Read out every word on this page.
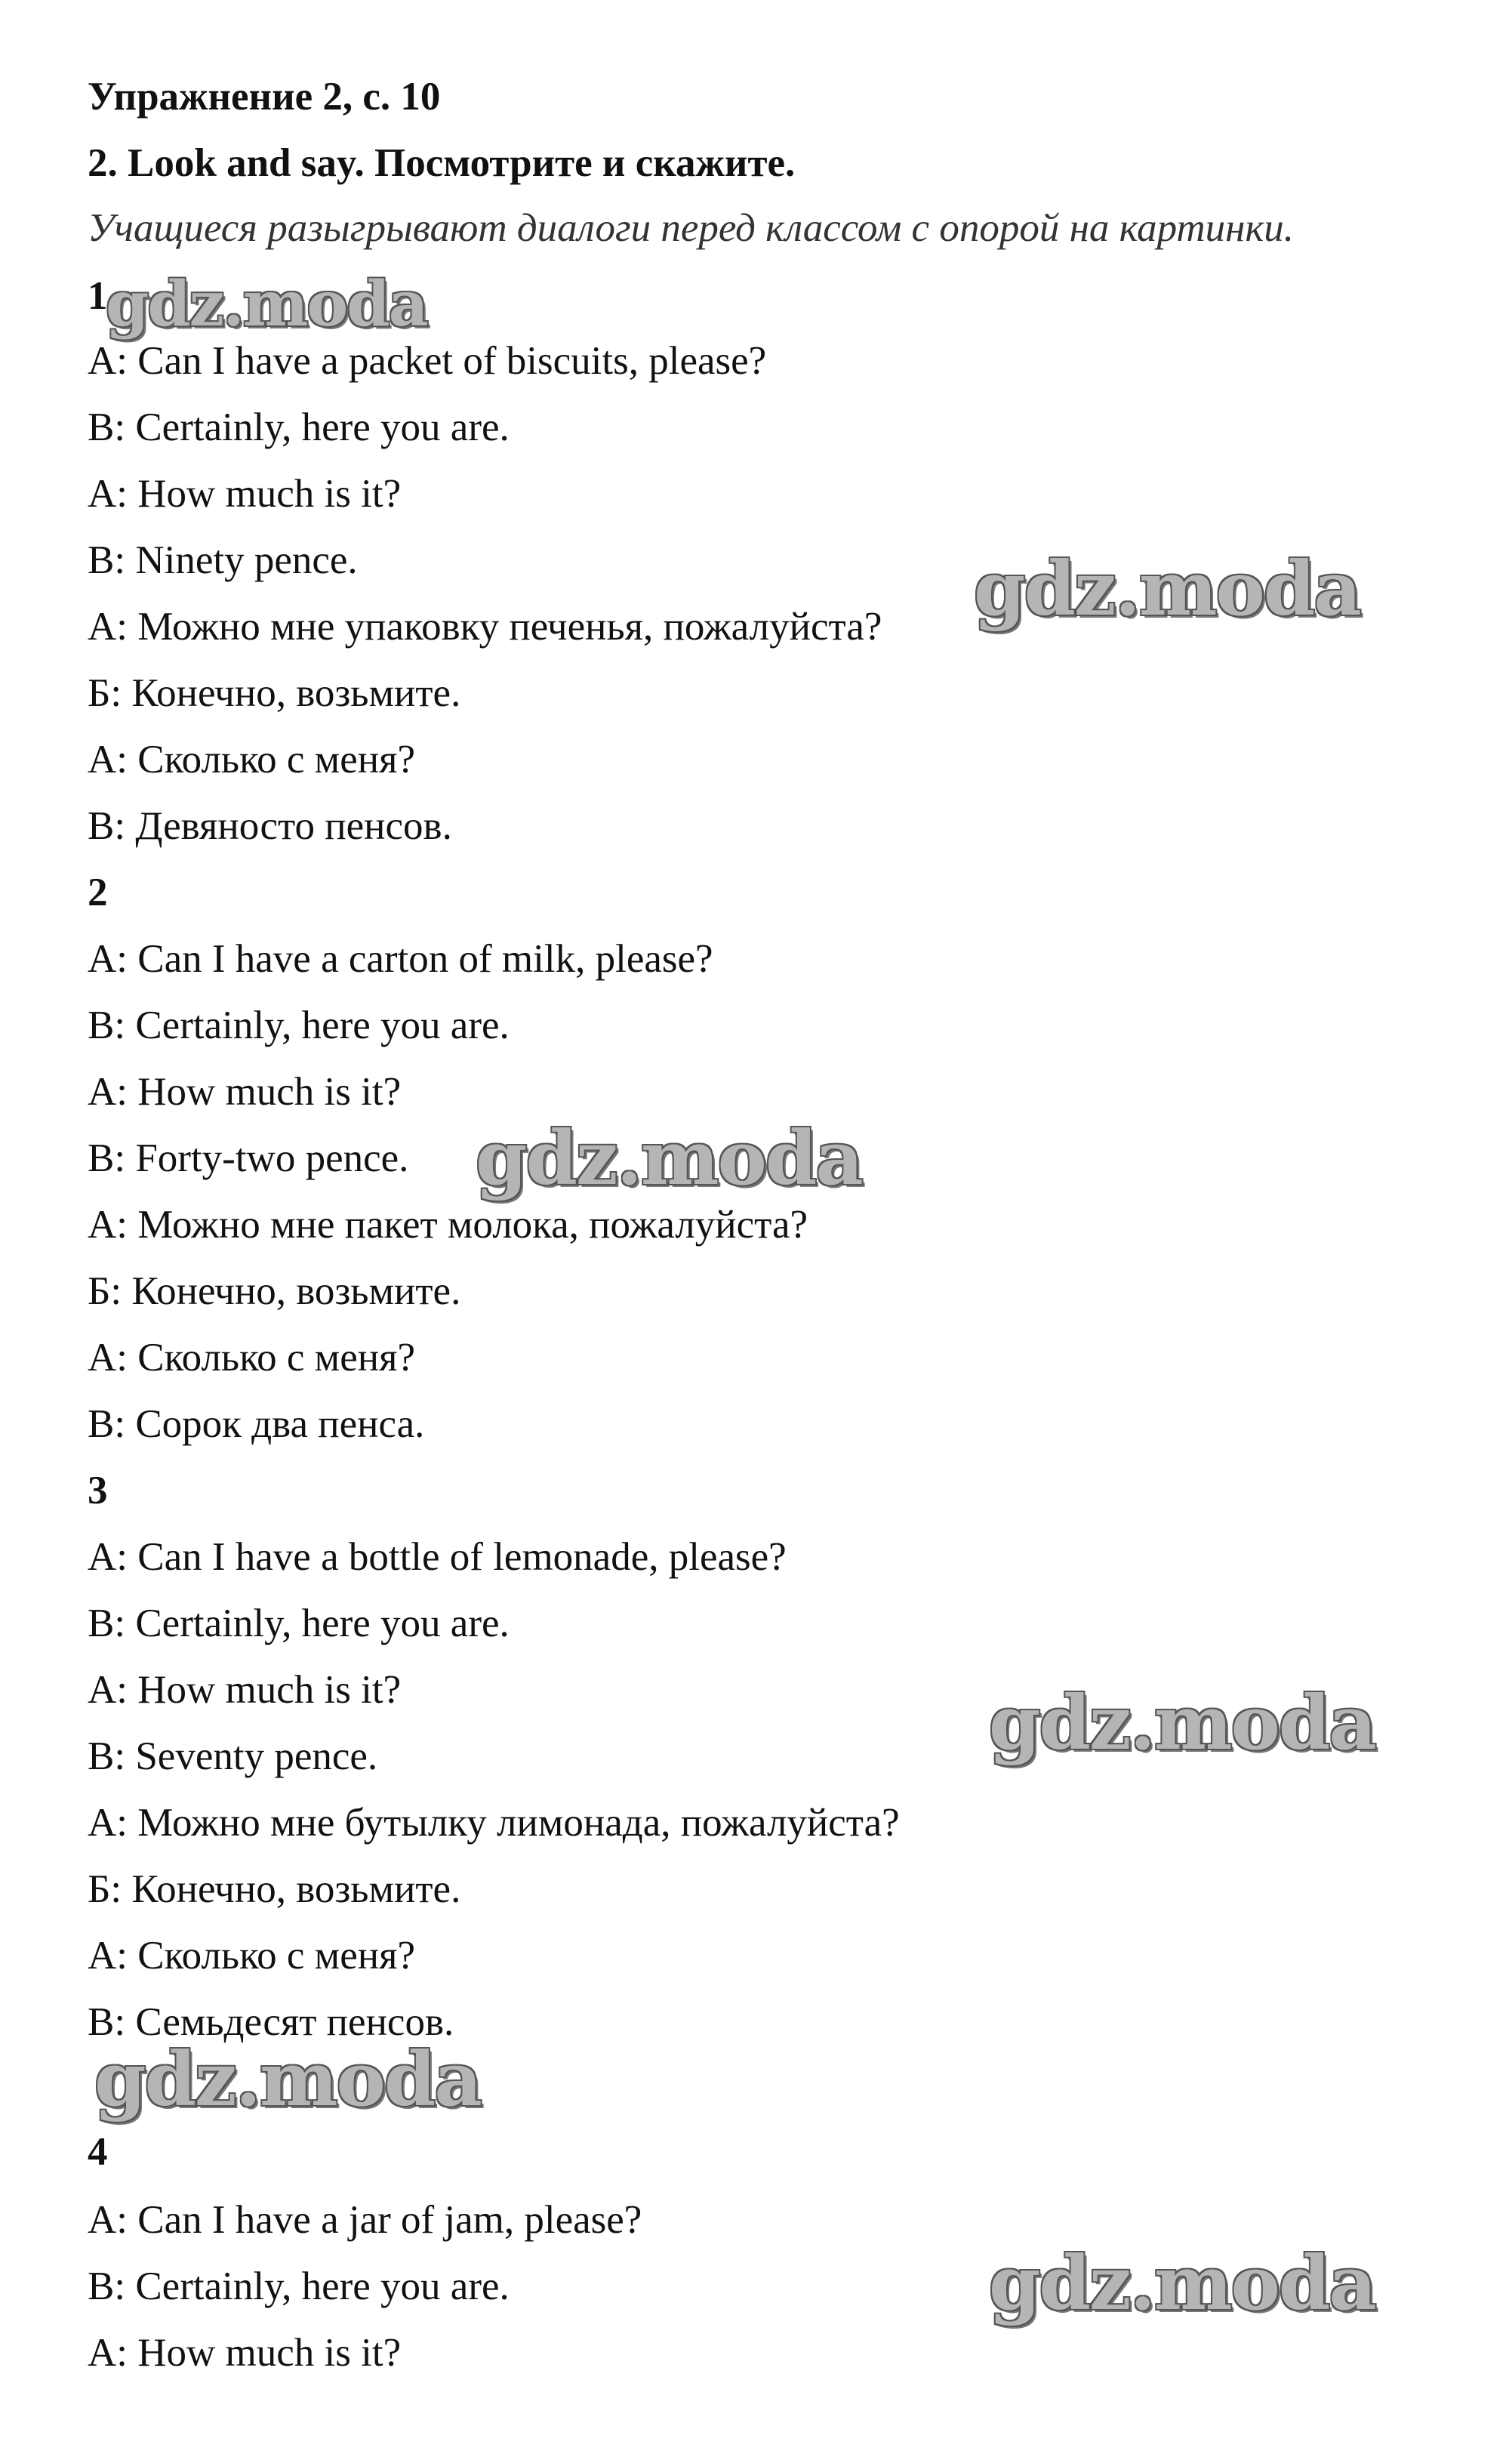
Упражнение 2, с. 10
2. Look and say. Посмотрите и скажите.
Учащиеся разыгрывают диалоги перед классом с опорой на картинки.
1
A: Can I have a packet of biscuits, please?
B: Certainly, here you are.
A: How much is it?
B: Ninety pence.
А: Можно мне упаковку печенья, пожалуйста?
Б: Конечно, возьмите.
А: Сколько с меня?
В: Девяносто пенсов.
2
A: Can I have a carton of milk, please?
B: Certainly, here you are.
A: How much is it?
B: Forty-two pence.
А: Можно мне пакет молока, пожалуйста?
Б: Конечно, возьмите.
А: Сколько с меня?
В: Сорок два пенса.
3
A: Can I have a bottle of lemonade, please?
B: Certainly, here you are.
A: How much is it?
B: Seventy pence.
А: Можно мне бутылку лимонада, пожалуйста?
Б: Конечно, возьмите.
А: Сколько с меня?
В: Семьдесят пенсов.
4
A: Can I have a jar of jam, please?
B: Certainly, here you are.
A: How much is it?
gdz.moda
gdz.moda
gdz.moda
gdz.moda
gdz.moda
gdz.moda
